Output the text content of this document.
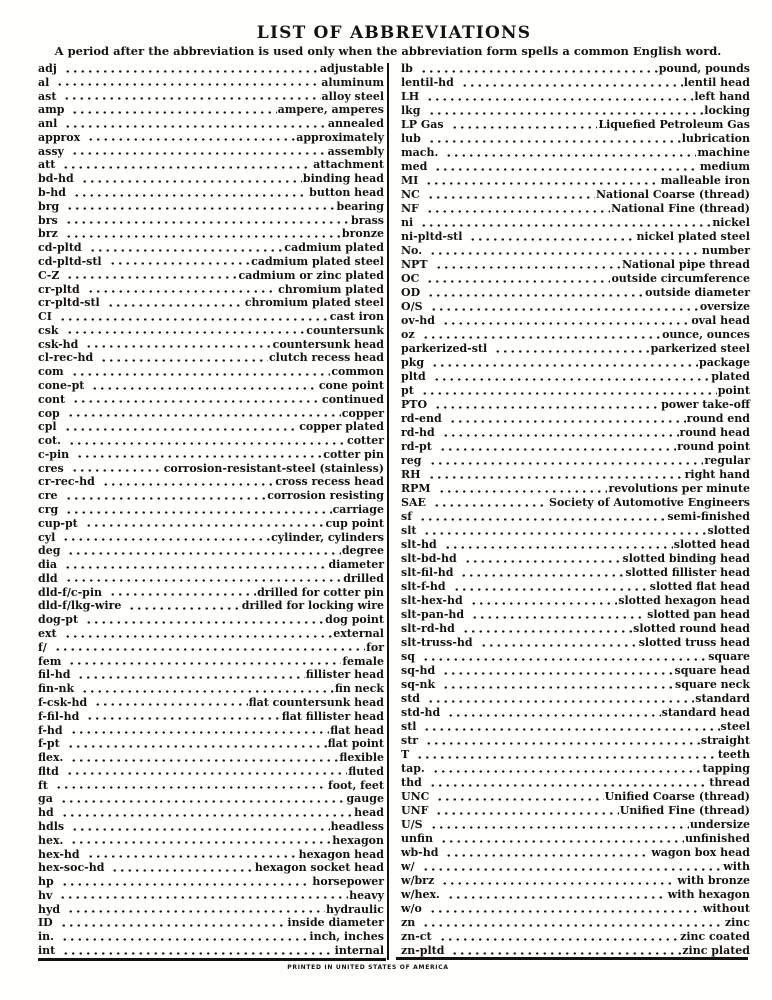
LIST OF ABBREVIATIONS

A period after the abbreviation is used only when the abbreviation form spells a common English word.

adj	adjustable
al	aluminum
ast	alloy steel
amp	ampere, amperes
anl	annealed
approx	approximately
assy	assembly
att	attachment
bd-hd	binding head
b-hd	button head
brg	bearing
brs	brass
brz	bronze
cd-pltd	cadmium plated
cd-pltd-stl	cadmium plated steel
C-Z	cadmium or zinc plated
cr-pltd	chromium plated
cr-pltd-stl	chromium plated steel
CI	cast iron
csk	countersunk
csk-hd	countersunk head
cl-rec-hd	clutch recess head
com	common
cone-pt	cone point
cont	continued
cop	copper
cpl	copper plated
cot.	cotter
c-pin	cotter pin
cres	corrosion-resistant-steel (stainless)
cr-rec-hd	cross recess head
cre	corrosion resisting
crg	carriage
cup-pt	cup point
cyl	cylinder, cylinders
deg	degree
dia	diameter
dld	drilled
dld-f/c-pin	drilled for cotter pin
dld-f/lkg-wire	drilled for locking wire
dog-pt	dog point
ext	external
f/	for
fem	female
fil-hd	fillister head
fin-nk	fin neck
f-csk-hd	flat countersunk head
f-fil-hd	flat fillister head
f-hd	flat head
f-pt	flat point
flex.	flexible
fltd	fluted
ft	foot, feet
ga	gauge
hd	head
hdls	headless
hex.	hexagon
hex-hd	hexagon head
hex-soc-hd	hexagon socket head
hp	horsepower
hv	heavy
hyd	hydraulic
ID	inside diameter
in.	inch, inches
int	internal
lb	pound, pounds
lentil-hd	lentil head
LH	left hand
lkg	locking
LP Gas	Liquefied Petroleum Gas
lub	lubrication
mach.	machine
med	medium
MI	malleable iron
NC	National Coarse (thread)
NF	National Fine (thread)
ni	nickel
ni-pltd-stl	nickel plated steel
No.	number
NPT	National pipe thread
OC	outside circumference
OD	outside diameter
O/S	oversize
ov-hd	oval head
oz	ounce, ounces
parkerized-stl	parkerized steel
pkg	package
pltd	plated
pt	point
PTO	power take-off
rd-end	round end
rd-hd	round head
rd-pt	round point
reg	regular
RH	right hand
RPM	revolutions per minute
SAE	Society of Automotive Engineers
sf	semi-finished
slt	slotted
slt-hd	slotted head
slt-bd-hd	slotted binding head
slt-fil-hd	slotted fillister head
slt-f-hd	slotted flat head
slt-hex-hd	slotted hexagon head
slt-pan-hd	slotted pan head
slt-rd-hd	slotted round head
slt-truss-hd	slotted truss head
sq	square
sq-hd	square head
sq-nk	square neck
std	standard
std-hd	standard head
stl	steel
str	straight
T	teeth
tap.	tapping
thd	thread
UNC	Unified Coarse (thread)
UNF	Unified Fine (thread)
U/S	undersize
unfin	unfinished
wb-hd	wagon box head
w/	with
w/brz	with bronze
w/hex.	with hexagon
w/o	without
zn	zinc
zn-ct	zinc coated
zn-pltd	zinc plated
PRINTED IN UNITED STATES OF AMERICA
